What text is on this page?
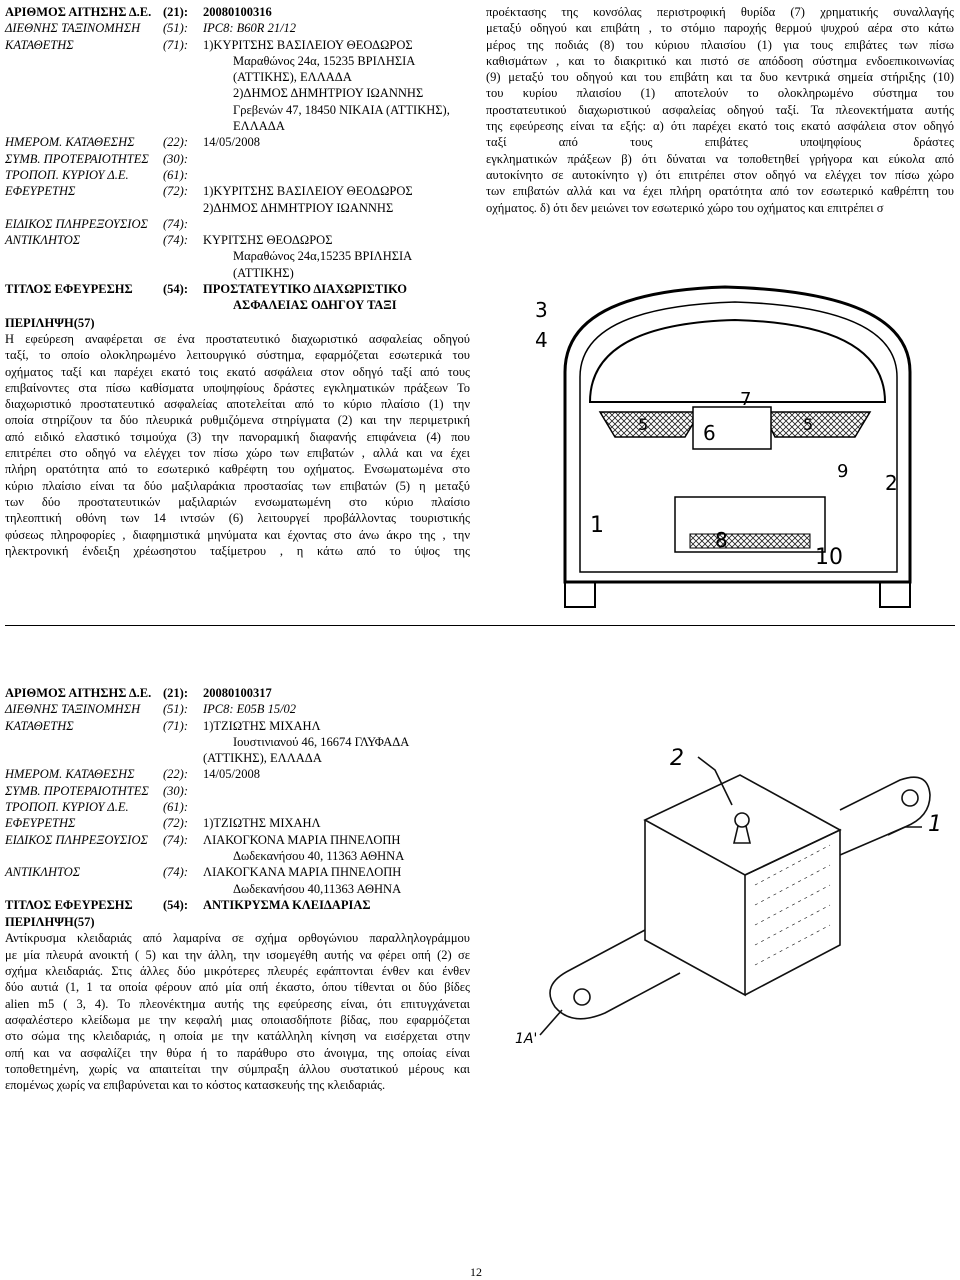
ΑΡΙΘΜΟΣ ΑΙΤΗΣΗΣ Δ.Ε. (21):	20080100316
ΔΙΕΘΝΗΣ ΤΑΞΙΝΟΜΗΣΗ	(51):	IPC8: B60R 21/12
ΚΑΤΑΘΕΤΗΣ	(71):	1)ΚΥΡΙΤΣΗΣ ΒΑΣΙΛΕΙΟΥ ΘΕΟΔΩΡΟΣ
Μαραθώνος 24α, 15235 ΒΡΙΛΗΣΙΑ
(ΑΤΤΙΚΗΣ), ΕΛΛΑΔΑ
2)ΔΗΜΟΣ ΔΗΜΗΤΡΙΟΥ ΙΩΑΝΝΗΣ
Γρεβενών 47, 18450 ΝΙΚΑΙΑ (ΑΤΤΙΚΗΣ),
ΕΛΛΑΔΑ
ΗΜΕΡΟΜ. ΚΑΤΑΘΕΣΗΣ	(22):	14/05/2008
ΣΥΜΒ. ΠΡΟΤΕΡΑΙΟΤΗΤΕΣ	(30):
ΤΡΟΠΟΠ. ΚΥΡΙΟΥ Δ.Ε.	(61):
ΕΦΕΥΡΕΤΗΣ	(72):	1)ΚΥΡΙΤΣΗΣ ΒΑΣΙΛΕΙΟΥ ΘΕΟΔΩΡΟΣ
2)ΔΗΜΟΣ ΔΗΜΗΤΡΙΟΥ ΙΩΑΝΝΗΣ
ΕΙΔΙΚΟΣ ΠΛΗΡΕΞΟΥΣΙΟΣ	(74):
ΑΝΤΙΚΛΗΤΟΣ	(74):	ΚΥΡΙΤΣΗΣ ΘΕΟΔΩΡΟΣ
Μαραθώνος 24α,15235 ΒΡΙΛΗΣΙΑ
(ΑΤΤΙΚΗΣ)
ΤΙΤΛΟΣ ΕΦΕΥΡΕΣΗΣ	(54):	ΠΡΟΣΤΑΤΕΥΤΙΚΟ ΔΙΑΧΩΡΙΣΤΙΚΟ
ΑΣΦΑΛΕΙΑΣ ΟΔΗΓΟΥ ΤΑΞΙ
ΠΕΡΙΛΗΨΗ(57)
Η εφεύρεση αναφέρεται σε ένα προστατευτικό διαχωριστικό ασφαλείας οδηγού
ταξί, το οποίο ολοκληρωμένο λειτουργικό σύστημα, εφαρμόζεται εσωτερικά του
οχήματος ταξί και παρέχει εκατό τοις εκατό ασφάλεια στον οδηγό ταξί από τους
επιβαίνοντες στα πίσω καθίσματα υποψηφίους δράστες εγκληματικών πράξεων Το
διαχωριστικό προστατευτικό ασφαλείας αποτελείται από το κύριο πλαίσιο (1) την
οποία στηρίζουν τα δύο πλευρικά ρυθμιζόμενα στηρίγματα (2) και την περιμετρική
από ειδικό ελαστικό τσιμούχα (3) την πανοραμική διαφανής επιφάνεια (4) που
επιτρέπει στο οδηγό να ελέγχει τον πίσω χώρο των επιβατών , αλλά και να έχει
πλήρη ορατότητα από το εσωτερικό καθρέφτη του οχήματος. Ενσωματωμένα στο
κύριο πλαίσιο είναι τα δύο μαξιλαράκια προστασίας των επιβατών (5) η μεταξύ
των δύο προστατευτικών μαξιλαριών ενσωματωμένη στο κύριο πλαίσιο
τηλεοπτική οθόνη των 14 ιντσών (6) λειτουργεί προβάλλοντας τουριστικής
φύσεως πληροφορίες , διαφημιστικά μηνύματα και έχοντας στο άνω άκρο της , την
ηλεκτρονική ένδειξη χρέωσηστου ταξίμετρου , η κάτω από το ύψος της
προέκτασης της κονσόλας περιστροφική θυρίδα (7) χρηματικής συναλλαγής
μεταξύ οδηγού και επιβάτη , το στόμιο παροχής θερμού ψυχρού αέρα στο κάτω
μέρος της ποδιάς (8) του κύριου πλαισίου (1) για τους επιβάτες των πίσω
καθισμάτων , και το διακριτικό και πιστό σε απόδοση σύστημα ενδοεπικοινωνίας
(9) μεταξύ του οδηγού και του επιβάτη και τα δυο κεντρικά σημεία στήριξης (10)
του κυρίου πλαισίου (1) αποτελούν το ολοκληρωμένο σύστημα του
προστατευτικού διαχωριστικού ασφαλείας οδηγού ταξί. Τα πλεονεκτήματα αυτής
της εφεύρεσης είναι τα εξής: α) ότι παρέχει εκατό τοις εκατό ασφάλεια στον οδηγό
ταξί από τους επιβάτες υποψηφίους δράστες
εγκληματικών πράξεων β) ότι δύναται να τοποθετηθεί γρήγορα και εύκολα από
αυτοκίνητο σε αυτοκίνητο γ) ότι επιτρέπει στον οδηγό να ελέγχει τον πίσω χώρο
των επιβατών αλλά και να έχει πλήρη ορατότητα από τον εσωτερικό καθρέπτη του
οχήματος. δ) ότι δεν μειώνει τον εσωτερικό χώρο του οχήματος και επιτρέπει σ
3
4
7
5	6	5
9 2
1
8
10
ΑΡΙΘΜΟΣ ΑΙΤΗΣΗΣ Δ.Ε. (21):	20080100317
ΔΙΕΘΝΗΣ ΤΑΞΙΝΟΜΗΣΗ	(51):	IPC8: E05B 15/02
ΚΑΤΑΘΕΤΗΣ	(71):	1)ΤΖΙΩΤΗΣ ΜΙΧΑΗΛ
Ιουστινιανού 46, 16674 ΓΛΥΦΑΔΑ
(ΑΤΤΙΚΗΣ), ΕΛΛΑΔΑ
ΗΜΕΡΟΜ. ΚΑΤΑΘΕΣΗΣ	(22):	14/05/2008
ΣΥΜΒ. ΠΡΟΤΕΡΑΙΟΤΗΤΕΣ	(30):
ΤΡΟΠΟΠ. ΚΥΡΙΟΥ Δ.Ε.	(61):
ΕΦΕΥΡΕΤΗΣ	(72):	1)ΤΖΙΩΤΗΣ ΜΙΧΑΗΛ
ΕΙΔΙΚΟΣ ΠΛΗΡΕΞΟΥΣΙΟΣ	(74):	ΛΙΑΚΟΓΚΟΝΑ ΜΑΡΙΑ ΠΗΝΕΛΟΠΗ
Δωδεκανήσου 40, 11363 ΑΘΗΝΑ
ΑΝΤΙΚΛΗΤΟΣ	(74):	ΛΙΑΚΟΓΚΑΝΑ ΜΑΡΙΑ ΠΗΝΕΛΟΠΗ
Δωδεκανήσου 40,11363 ΑΘΗΝΑ
ΤΙΤΛΟΣ ΕΦΕΥΡΕΣΗΣ	(54):	ΑΝΤΙΚΡΥΣΜΑ ΚΛΕΙΔΑΡΙΑΣ
ΠΕΡΙΛΗΨΗ(57)
Αντίκρυσμα κλειδαριάς από λαμαρίνα σε σχήμα ορθογώνιου παραλληλογράμμου
με μία πλευρά ανοικτή ( 5) και την άλλη, την ισομεγέθη αυτής να φέρει οπή (2) σε
σχήμα κλειδαριάς. Στις άλλες δύο μικρότερες πλευρές εφάπτονται ένθεν και ένθεν
δύο αυτιά (1, 1 τα οποία φέρουν από μία οπή έκαστο, όπου τίθενται οι δύο βίδες
alien m5 ( 3, 4). Το πλεονέκτημα αυτής της εφεύρεσης είναι, ότι επιτυγχάνεται
ασφαλέστερο κλείδωμα με την κεφαλή μιας οποιασδήποτε βίδας, που εφαρμόζεται
στο σώμα της κλειδαριάς, η οποία με την κατάλληλη κίνηση να εισέρχεται στην
οπή και να ασφαλίζει την θύρα ή το παράθυρο στο άνοιγμα, της οποίας είναι
τοποθετημένη, χωρίς να απαιτείται την σύμπραξη άλλου συστατικού μέρους και
επομένως χωρίς να επιβαρύνεται και το κόστος κατασκευής της κλειδαριάς.
2
1
1A'
12
